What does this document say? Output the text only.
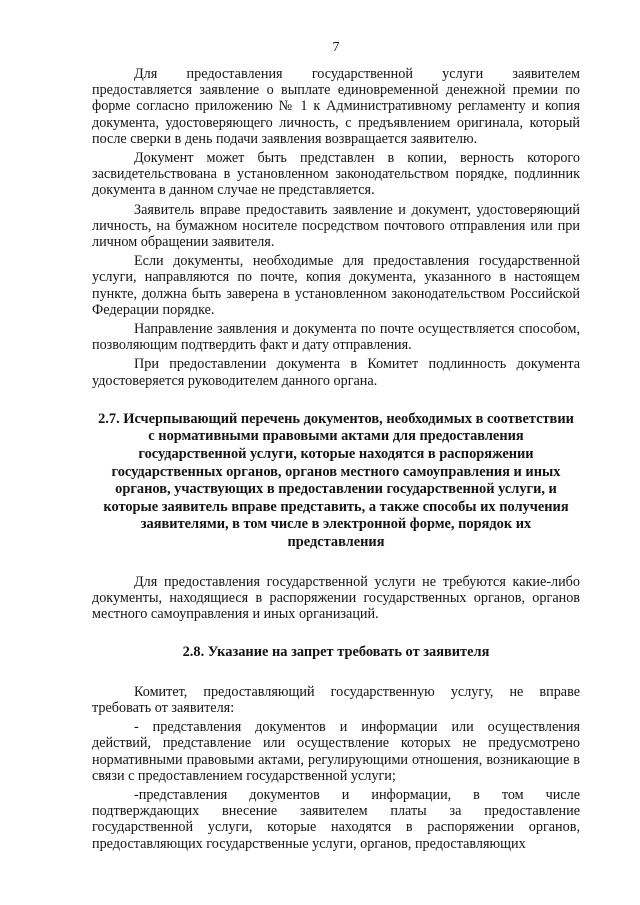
7

Для предоставления государственной услуги заявителем предоставляется заявление о выплате единовременной денежной премии по форме согласно приложению № 1 к Административному регламенту и копия документа, удостоверяющего личность, с предъявлением оригинала, который после сверки в день подачи заявления возвращается заявителю.

Документ может быть представлен в копии, верность которого засвидетельствована в установленном законодательством порядке, подлинник документа в данном случае не представляется.

Заявитель вправе предоставить заявление и документ, удостоверяющий личность, на бумажном носителе посредством почтового отправления или при личном обращении заявителя.

Если документы, необходимые для предоставления государственной услуги, направляются по почте, копия документа, указанного в настоящем пункте, должна быть заверена в установленном законодательством Российской Федерации порядке.

Направление заявления и документа по почте осуществляется способом, позволяющим подтвердить факт и дату отправления.

При предоставлении документа в Комитет подлинность документа удостоверяется руководителем данного органа.

2.7. Исчерпывающий перечень документов, необходимых в соответствии с нормативными правовыми актами для предоставления государственной услуги, которые находятся в распоряжении государственных органов, органов местного самоуправления и иных органов, участвующих в предоставлении государственной услуги, и которые заявитель вправе представить, а также способы их получения заявителями, в том числе в электронной форме, порядок их представления

Для предоставления государственной услуги не требуются какие-либо документы, находящиеся в распоряжении государственных органов, органов местного самоуправления и иных организаций.

2.8. Указание на запрет требовать от заявителя

Комитет, предоставляющий государственную услугу, не вправе требовать от заявителя:

- представления документов и информации или осуществления действий, представление или осуществление которых не предусмотрено нормативными правовыми актами, регулирующими отношения, возникающие в связи с предоставлением государственной услуги;

-представления документов и информации, в том числе подтверждающих внесение заявителем платы за предоставление государственной услуги, которые находятся в распоряжении органов, предоставляющих государственные услуги, органов, предоставляющих
